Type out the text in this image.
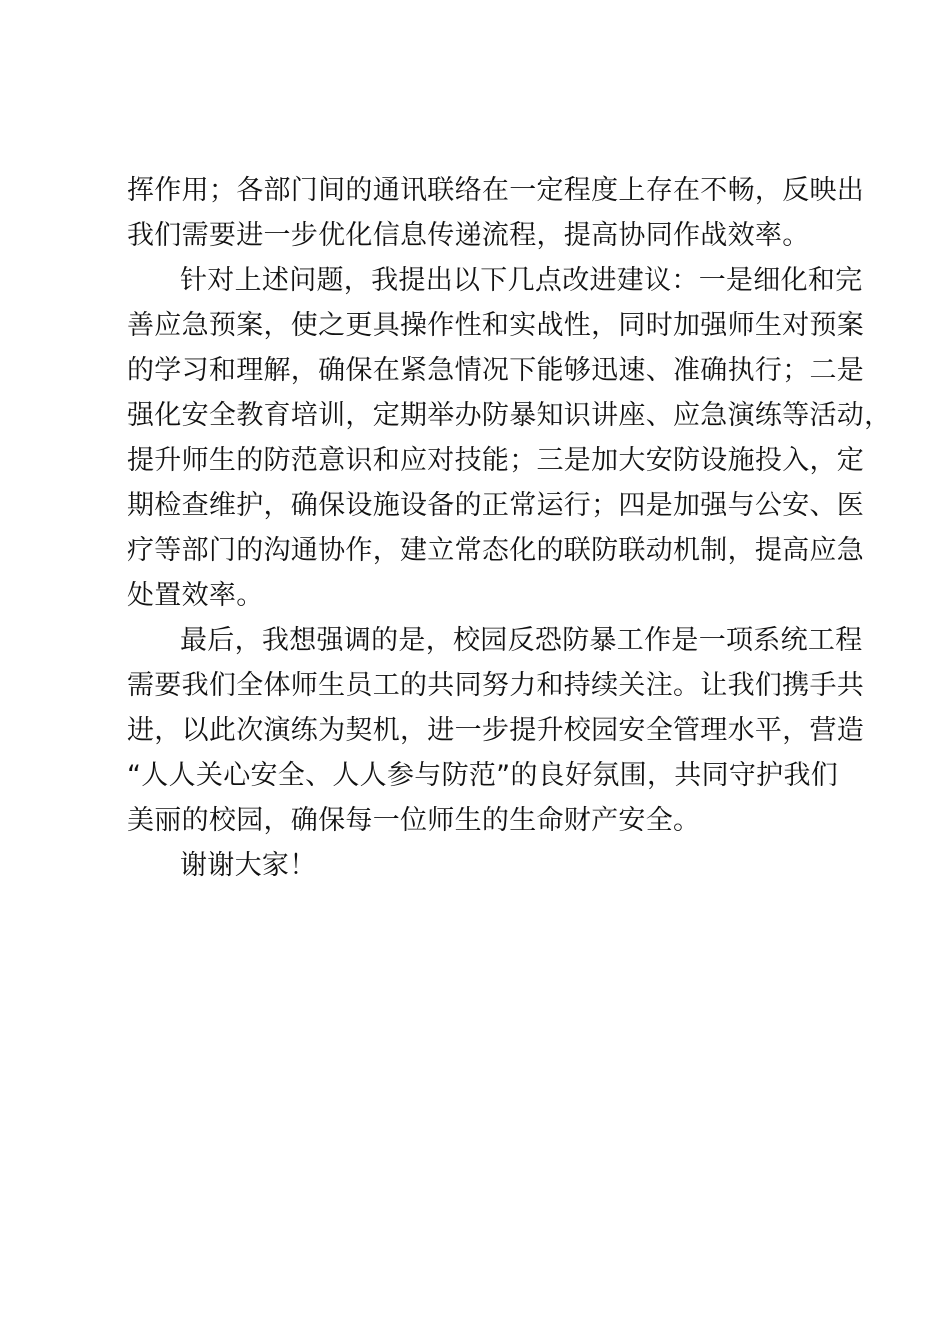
挥作用；各部门间的通讯联络在一定程度上存在不畅，反映出
我们需要进一步优化信息传递流程，提高协同作战效率。
针对上述问题，我提出以下几点改进建议：一是细化和完
善应急预案，使之更具操作性和实战性，同时加强师生对预案
的学习和理解，确保在紧急情况下能够迅速、准确执行；二是
强化安全教育培训，定期举办防暴知识讲座、应急演练等活动，
提升师生的防范意识和应对技能；三是加大安防设施投入，定
期检查维护，确保设施设备的正常运行；四是加强与公安、医
疗等部门的沟通协作，建立常态化的联防联动机制，提高应急
处置效率。
最后，我想强调的是，校园反恐防暴工作是一项系统工程
需要我们全体师生员工的共同努力和持续关注。让我们携手共
进，以此次演练为契机，进一步提升校园安全管理水平，营造
“人人关心安全、人人参与防范”的良好氛围，共同守护我们
美丽的校园，确保每一位师生的生命财产安全。
谢谢大家！
